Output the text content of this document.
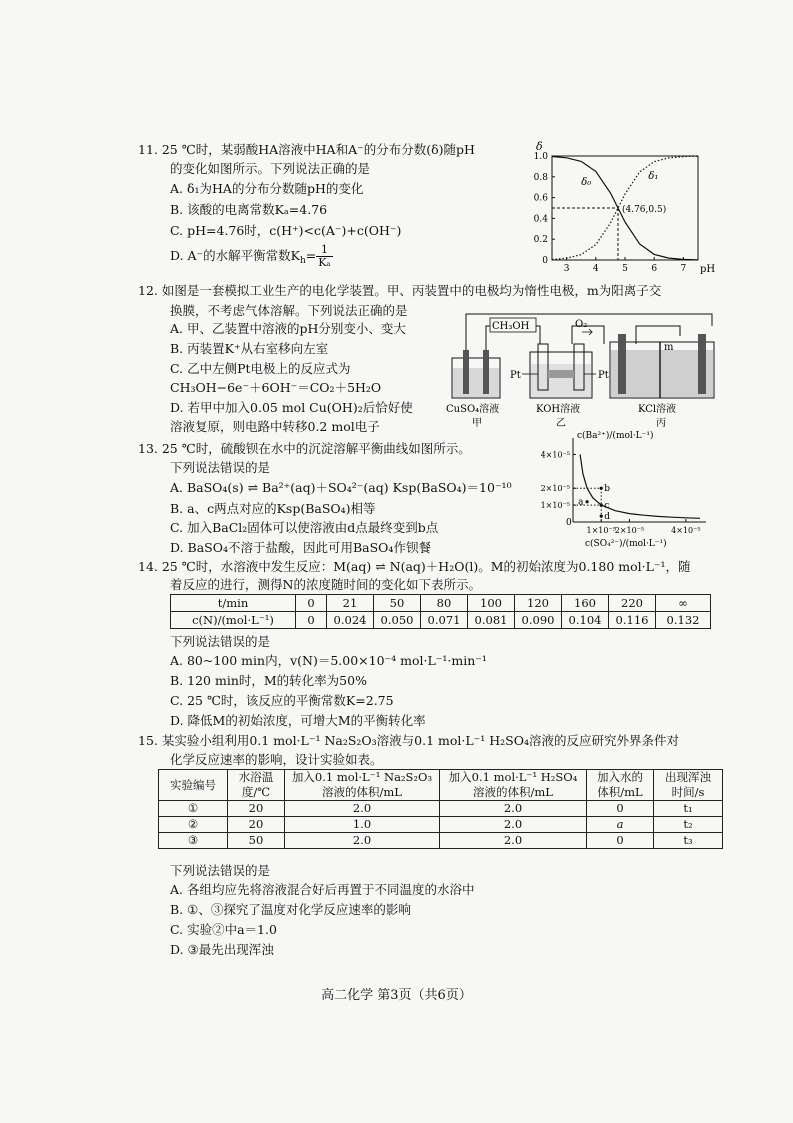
11. 25 ℃时，某弱酸HA溶液中HA和A⁻的分布分数(δ)随pH
的变化如图所示。下列说法正确的是
A. δ₁为HA的分布分数随pH的变化
B. 该酸的电离常数Kₐ=4.76
C. pH=4.76时，c(H⁺)<c(A⁻)+c(OH⁻)
D. A⁻的水解平衡常数$K_h= \frac{1}{\text{Kₐ}}$
δ
pH
0
0.2
0.4
0.6
0.8
1.0
3	4	5	6	7
δ₀
δ₁
(4.76,0.5)
12. 如图是一套模拟工业生产的电化学装置。甲、丙装置中的电极均为惰性电极，m为阳离子交
换膜，不考虑气体溶解。下列说法正确的是
A. 甲、乙装置中溶液的pH分别变小、变大
B. 丙装置K⁺从右室移向左室
C. 乙中左侧Pt电极上的反应式为
CH₃OH−6e⁻＋6OH⁻＝CO₂＋5H₂O
D. 若甲中加入0.05 mol Cu(OH)₂后恰好使
溶液复原，则电路中转移0.2 mol电子
CH₃OH	O₂
Pt	Pt
m
CuSO₄溶液
甲
KOH溶液
乙
KCl溶液
丙
13. 25 ℃时，硫酸钡在水中的沉淀溶解平衡曲线如图所示。
下列说法错误的是
A. BaSO₄(s) ⇌ Ba²⁺(aq)＋SO₄²⁻(aq) Ksp(BaSO₄)＝10⁻¹⁰
B. a、c两点对应的Ksp(BaSO₄)相等
C. 加入BaCl₂固体可以使溶液由d点最终变到b点
D. BaSO₄不溶于盐酸，因此可用BaSO₄作钡餐
c(Ba²⁺)/(mol·L⁻¹)
c(SO₄²⁻)/(mol·L⁻¹)
0
1×10⁻⁵
2×10⁻⁵
4×10⁻⁵
1×10⁻⁵
2×10⁻⁵	4×10⁻⁵
a
b
c
d
14. 25 ℃时，水溶液中发生反应：M(aq) ⇌ N(aq)＋H₂O(l)。M的初始浓度为0.180 mol·L⁻¹，随
着反应的进行，测得N的浓度随时间的变化如下表所示。
t/min	0	21	50	80	100	120	160	220	∞
c(N)/(mol·L⁻¹)	0	0.024	0.050	0.071	0.081	0.090	0.104	0.116	0.132
下列说法错误的是
A. 80~100 min内，v(N)＝5.00×10⁻⁴ mol·L⁻¹·min⁻¹
B. 120 min时，M的转化率为50%
C. 25 ℃时，该反应的平衡常数K=2.75
D. 降低M的初始浓度，可增大M的平衡转化率
15. 某实验小组利用0.1 mol·L⁻¹ Na₂S₂O₃溶液与0.1 mol·L⁻¹ H₂SO₄溶液的反应研究外界条件对
化学反应速率的影响，设计实验如表。
实验编号	水浴温
度/℃	加入0.1 mol·L⁻¹ Na₂S₂O₃
溶液的体积/mL	加入0.1 mol·L⁻¹ H₂SO₄
溶液的体积/mL	加入水的
体积/mL	出现浑浊
时间/s
①	20	2.0	2.0	0	t₁
②	20	1.0	2.0	a	t₂
③	50	2.0	2.0	0	t₃
下列说法错误的是
A. 各组均应先将溶液混合好后再置于不同温度的水浴中
B. ①、③探究了温度对化学反应速率的影响
C. 实验②中a＝1.0
D. ③最先出现浑浊
高二化学 第3页（共6页）
